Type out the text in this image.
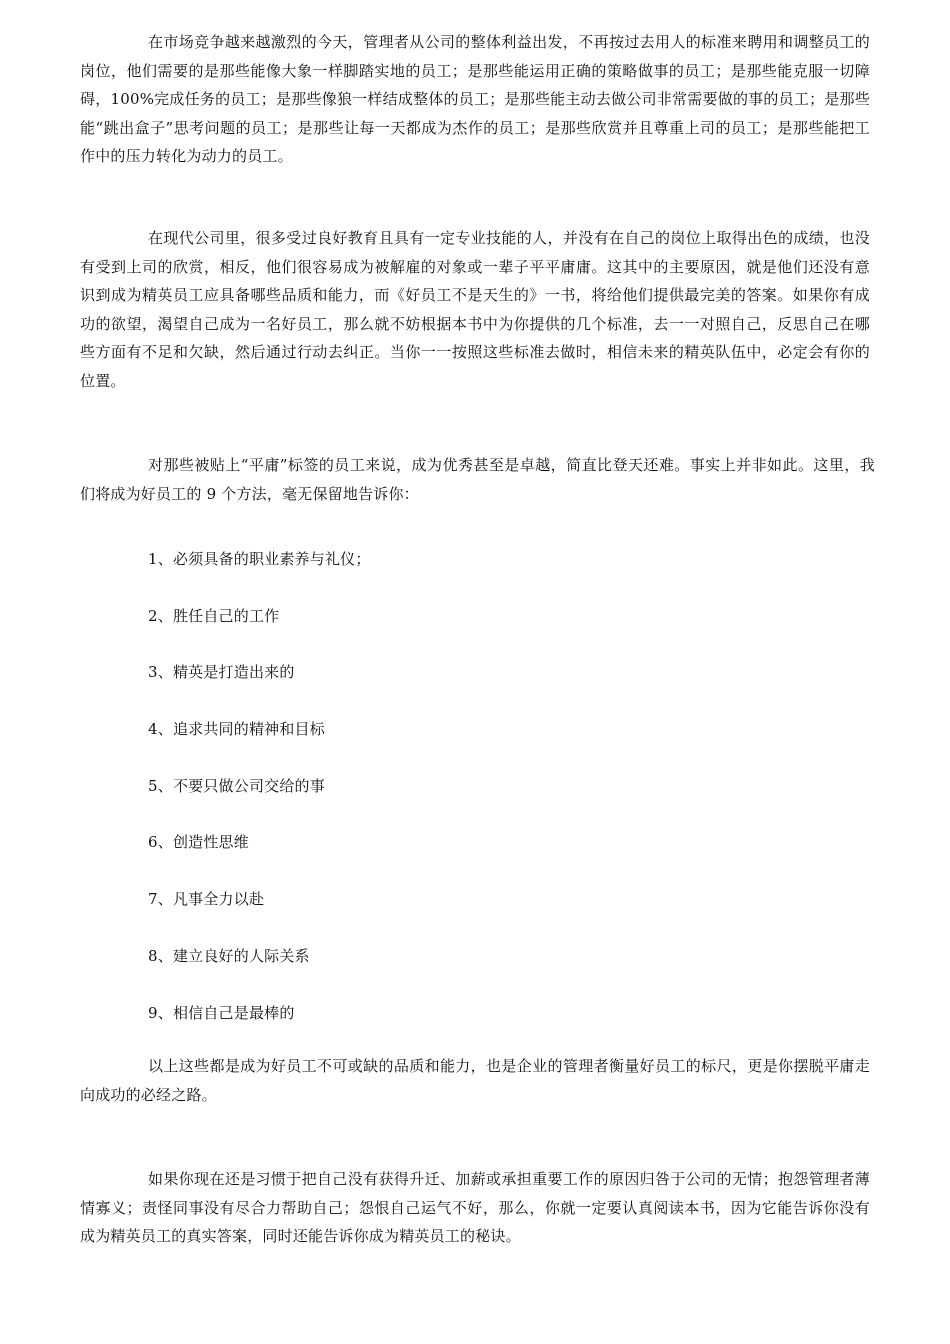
在市场竞争越来越激烈的今天，管理者从公司的整体利益出发，不再按过去用人的标准来聘用和调整员工的岗位，他们需要的是那些能像大象一样脚踏实地的员工；是那些能运用正确的策略做事的员工；是那些能克服一切障碍，100%完成任务的员工；是那些像狼一样结成整体的员工；是那些能主动去做公司非常需要做的事的员工；是那些能“跳出盒子”思考问题的员工；是那些让每一天都成为杰作的员工；是那些欣赏并且尊重上司的员工；是那些能把工作中的压力转化为动力的员工。

在现代公司里，很多受过良好教育且具有一定专业技能的人，并没有在自己的岗位上取得出色的成绩，也没有受到上司的欣赏，相反，他们很容易成为被解雇的对象或一辈子平平庸庸。这其中的主要原因，就是他们还没有意识到成为精英员工应具备哪些品质和能力，而《好员工不是天生的》一书，将给他们提供最完美的答案。如果你有成功的欲望，渴望自己成为一名好员工，那么就不妨根据本书中为你提供的几个标准，去一一对照自己，反思自己在哪些方面有不足和欠缺，然后通过行动去纠正。当你一一按照这些标准去做时，相信未来的精英队伍中，必定会有你的位置。

对那些被贴上“平庸”标签的员工来说，成为优秀甚至是卓越，简直比登天还难。事实上并非如此。这里，我们将成为好员工的 9 个方法，毫无保留地告诉你：

1、必须具备的职业素养与礼仪；
2、胜任自己的工作
3、精英是打造出来的
4、追求共同的精神和目标
5、不要只做公司交给的事
6、创造性思维
7、凡事全力以赴
8、建立良好的人际关系
9、相信自己是最棒的

以上这些都是成为好员工不可或缺的品质和能力，也是企业的管理者衡量好员工的标尺，更是你摆脱平庸走向成功的必经之路。

如果你现在还是习惯于把自己没有获得升迁、加薪或承担重要工作的原因归咎于公司的无情；抱怨管理者薄情寡义；责怪同事没有尽合力帮助自己；怨恨自己运气不好，那么，你就一定要认真阅读本书，因为它能告诉你没有成为精英员工的真实答案，同时还能告诉你成为精英员工的秘诀。
